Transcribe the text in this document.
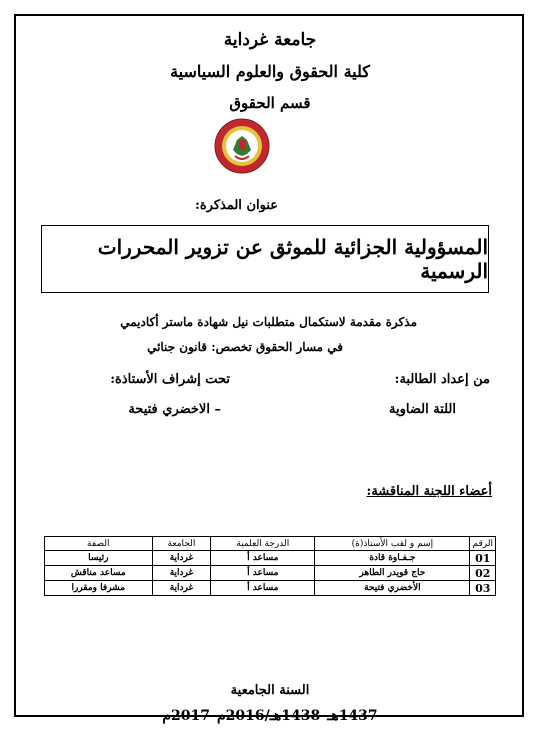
جامعة غرداية
كلية الحقوق والعلوم السياسية
قسم الحقوق
عنوان المذكرة:
المسؤولية الجزائية للموثق عن تزوير المحررات الرسمية
مذكرة مقدمة لاستكمال متطلبات نيل شهادة ماستر أكاديمي
في مسار الحقوق تخصص: قانون جنائي
من إعداد الطالبة:
تحت إشراف الأستاذة:
اللتة الضاوية
– الاخضري فتيحة
أعضاء اللجنة المناقشة:
الرقم	إسم و لقب الأستاذ(ة)	الدرجة العلمية	الجامعة	الصفة
01	جـفـاوة قادة	مساعد أ	غرداية	رئيسا
02	حاج قويدر الطاهر	مساعد أ	غرداية	مساعد مناقش
03	الأخضري فتيحة	مساعد أ	غرداية	مشرفا ومقررا
السنة الجامعية
1437هـ–1438هـ/2016م–2017م
